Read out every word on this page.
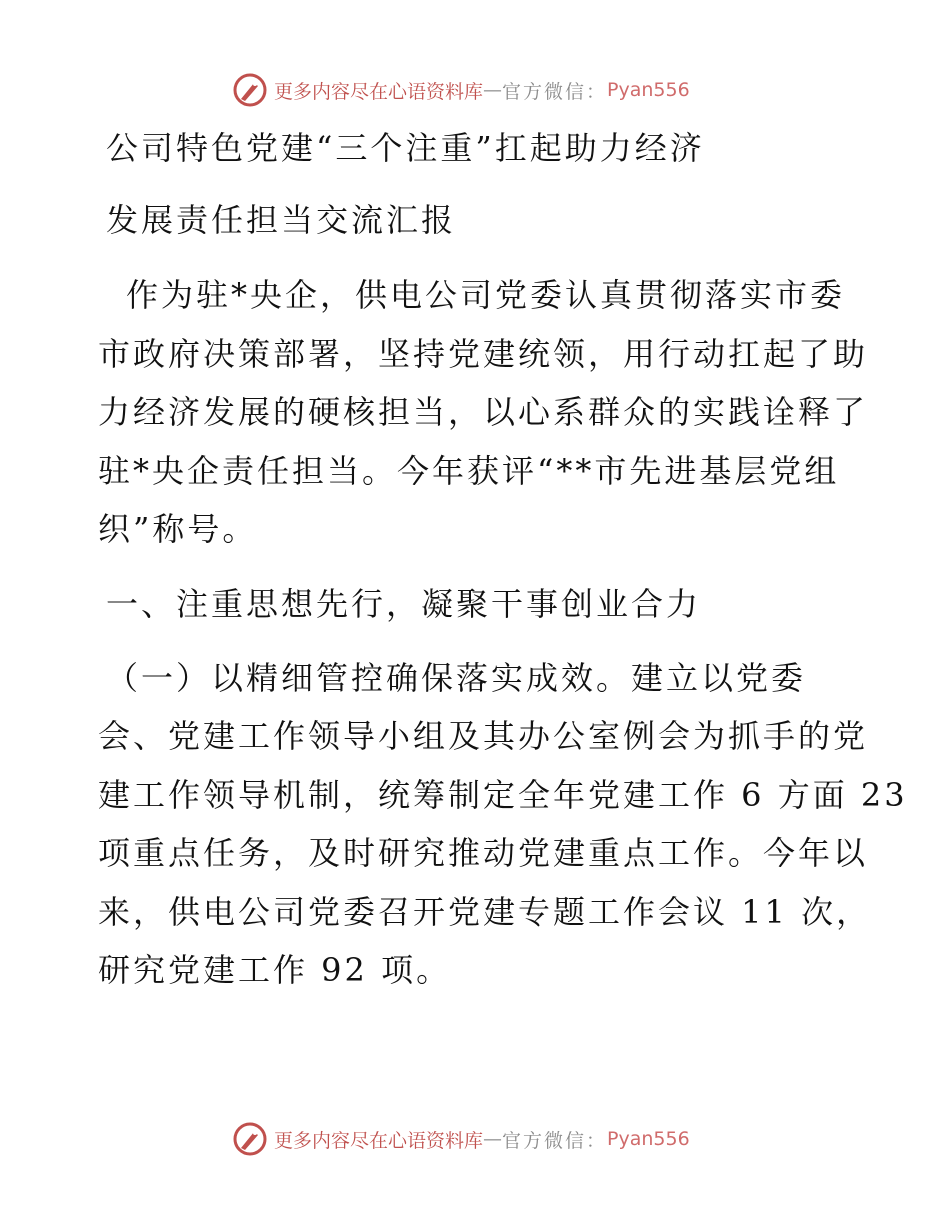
更多内容尽在心语资料库 — 官方微信： Pyan556
公司特色党建“三个注重”扛起助力经济
发展责任担当交流汇报
作为驻*央企，供电公司党委认真贯彻落实市委
市政府决策部署，坚持党建统领，用行动扛起了助
力经济发展的硬核担当，以心系群众的实践诠释了
驻*央企责任担当。今年获评“**市先进基层党组
织”称号。
一、注重思想先行，凝聚干事创业合力
（一）以精细管控确保落实成效。建立以党委
会、党建工作领导小组及其办公室例会为抓手的党
建工作领导机制，统筹制定全年党建工作 6 方面 23
项重点任务，及时研究推动党建重点工作。今年以
来，供电公司党委召开党建专题工作会议 11 次，
研究党建工作 92 项。
更多内容尽在心语资料库 — 官方微信： Pyan556
